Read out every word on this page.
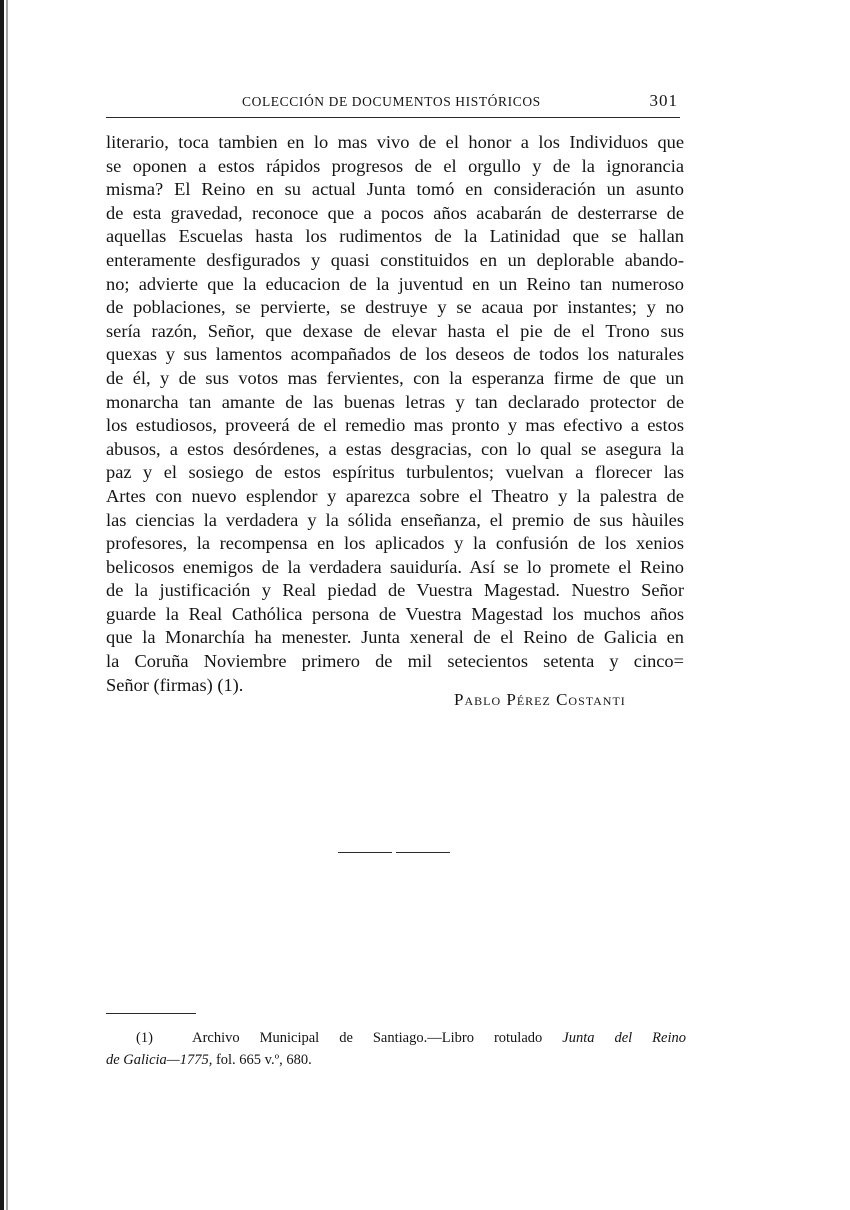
COLECCIÓN DE DOCUMENTOS HISTÓRICOS	301
literario, toca tambien en lo mas vivo de el honor a los Individuos que
se oponen a estos rápidos progresos de el orgullo y de la ignorancia
misma? El Reino en su actual Junta tomó en consideración un asunto
de esta gravedad, reconoce que a pocos años acabarán de desterrarse de
aquellas Escuelas hasta los rudimentos de la Latinidad que se hallan
enteramente desfigurados y quasi constituidos en un deplorable abando-
no; advierte que la educacion de la juventud en un Reino tan numeroso
de poblaciones, se pervierte, se destruye y se acaua por instantes; y no
sería razón, Señor, que dexase de elevar hasta el pie de el Trono sus
quexas y sus lamentos acompañados de los deseos de todos los naturales
de él, y de sus votos mas fervientes, con la esperanza firme de que un
monarcha tan amante de las buenas letras y tan declarado protector de
los estudiosos, proveerá de el remedio mas pronto y mas efectivo a estos
abusos, a estos desórdenes, a estas desgracias, con lo qual se asegura la
paz y el sosiego de estos espíritus turbulentos; vuelvan a florecer las
Artes con nuevo esplendor y aparezca sobre el Theatro y la palestra de
las ciencias la verdadera y la sólida enseñanza, el premio de sus hàuiles
profesores, la recompensa en los aplicados y la confusión de los xenios
belicosos enemigos de la verdadera sauiduría. Así se lo promete el Reino
de la justificación y Real piedad de Vuestra Magestad. Nuestro Señor
guarde la Real Cathólica persona de Vuestra Magestad los muchos años
que la Monarchía ha menester. Junta xeneral de el Reino de Galicia en
la Coruña Noviembre primero de mil setecientos setenta y cinco=
Señor (firmas) (1).
Pablo Pérez Costanti
(1)	Archivo Municipal de Santiago.—Libro rotulado Junta del Reino
de Galicia—1775, fol. 665 v.º, 680.
